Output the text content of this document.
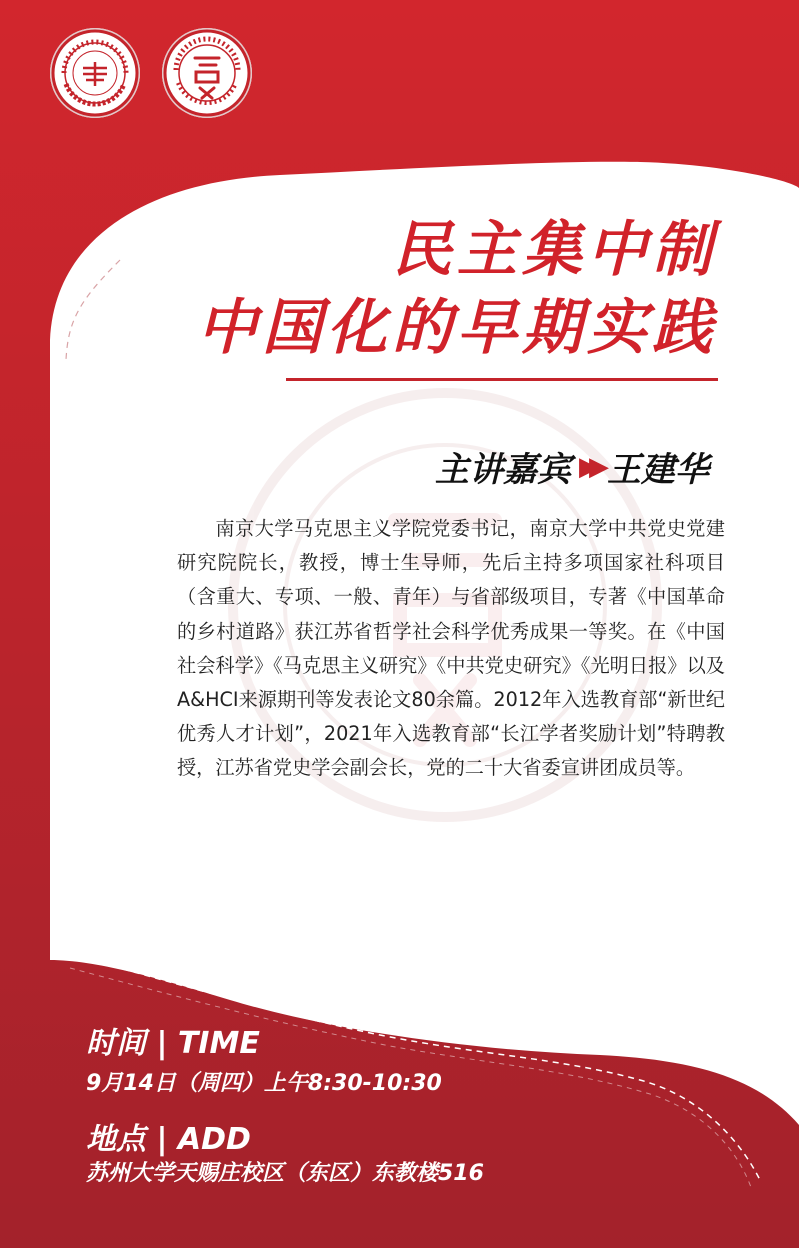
民主集中制
中国化的早期实践
主讲嘉宾 ▶▶ 王建华

南京大学马克思主义学院党委书记，南京大学中共党史党建研究院院长，教授，博士生导师，先后主持多项国家社科项目（含重大、专项、一般、青年）与省部级项目，专著《中国革命的乡村道路》获江苏省哲学社会科学优秀成果一等奖。在《中国社会科学》《马克思主义研究》《中共党史研究》《光明日报》以及A&HCI来源期刊等发表论文80余篇。2012年入选教育部“新世纪优秀人才计划”，2021年入选教育部“长江学者奖励计划”特聘教授，江苏省党史学会副会长，党的二十大省委宣讲团成员等。

时间 | TIME
9月14日（周四）上午8:30-10:30
地点 | ADD
苏州大学天赐庄校区（东区）东教楼516
